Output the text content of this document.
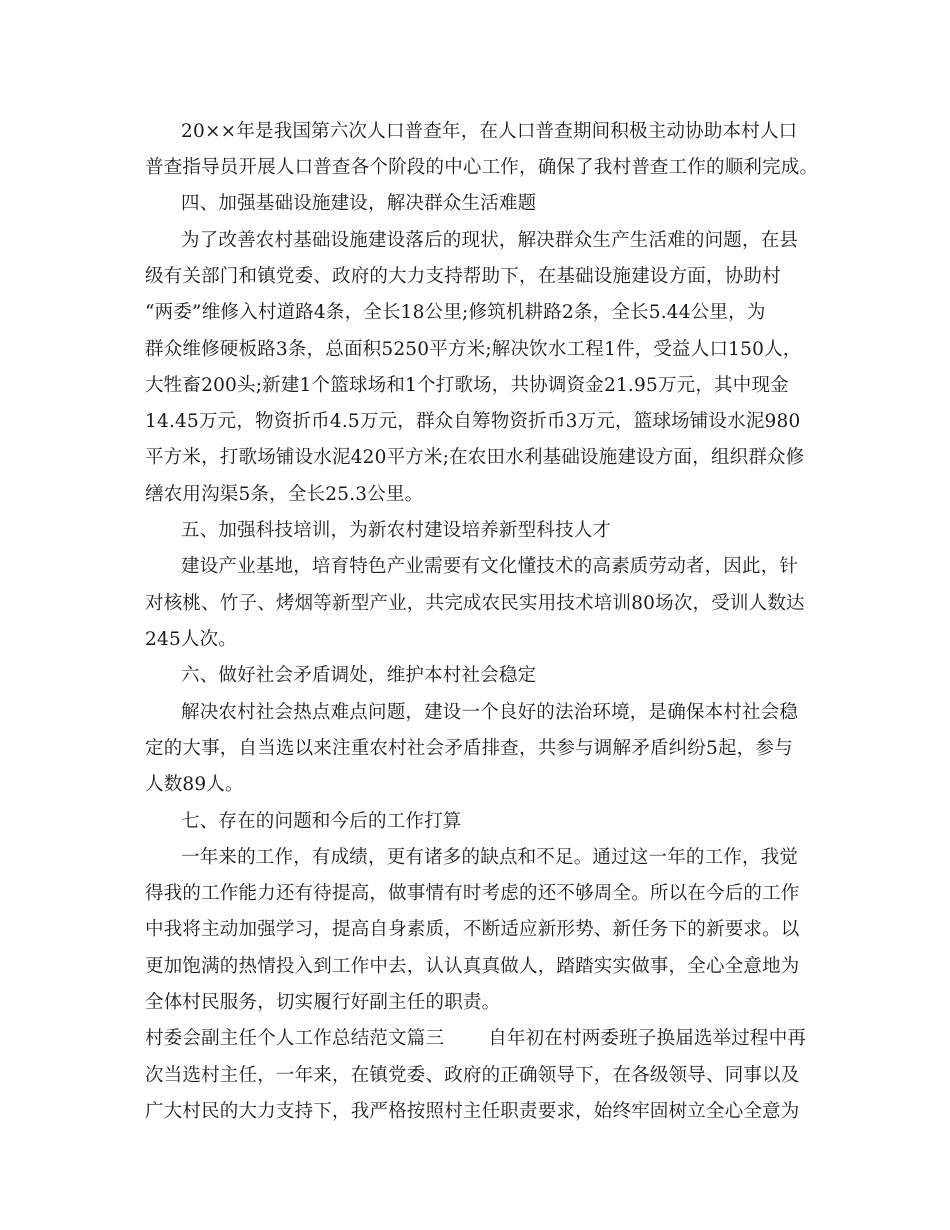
20××年是我国第六次人口普查年，在人口普查期间积极主动协助本村人口
普查指导员开展人口普查各个阶段的中心工作，确保了我村普查工作的顺利完成。
四、加强基础设施建设，解决群众生活难题
为了改善农村基础设施建设落后的现状，解决群众生产生活难的问题，在县
级有关部门和镇党委、政府的大力支持帮助下，在基础设施建设方面，协助村
“两委”维修入村道路4条，全长18公里;修筑机耕路2条，全长5.44公里，为
群众维修硬板路3条，总面积5250平方米;解决饮水工程1件，受益人口150人，
大牲畜200头;新建1个篮球场和1个打歌场，共协调资金21.95万元，其中现金
14.45万元，物资折币4.5万元，群众自筹物资折币3万元，篮球场铺设水泥980
平方米，打歌场铺设水泥420平方米;在农田水利基础设施建设方面，组织群众修
缮农用沟渠5条，全长25.3公里。
五、加强科技培训，为新农村建设培养新型科技人才
建设产业基地，培育特色产业需要有文化懂技术的高素质劳动者，因此，针
对核桃、竹子、烤烟等新型产业，共完成农民实用技术培训80场次，受训人数达
245人次。
六、做好社会矛盾调处，维护本村社会稳定
解决农村社会热点难点问题，建设一个良好的法治环境，是确保本村社会稳
定的大事，自当选以来注重农村社会矛盾排查，共参与调解矛盾纠纷5起，参与
人数89人。
七、存在的问题和今后的工作打算
一年来的工作，有成绩，更有诸多的缺点和不足。通过这一年的工作，我觉
得我的工作能力还有待提高，做事情有时考虑的还不够周全。所以在今后的工作
中我将主动加强学习，提高自身素质，不断适应新形势、新任务下的新要求。以
更加饱满的热情投入到工作中去，认认真真做人，踏踏实实做事，全心全意地为
全体村民服务，切实履行好副主任的职责。
村委会副主任个人工作总结范文篇三 自年初在村两委班子换届选举过程中再
次当选村主任，一年来，在镇党委、政府的正确领导下，在各级领导、同事以及
广大村民的大力支持下，我严格按照村主任职责要求，始终牢固树立全心全意为
